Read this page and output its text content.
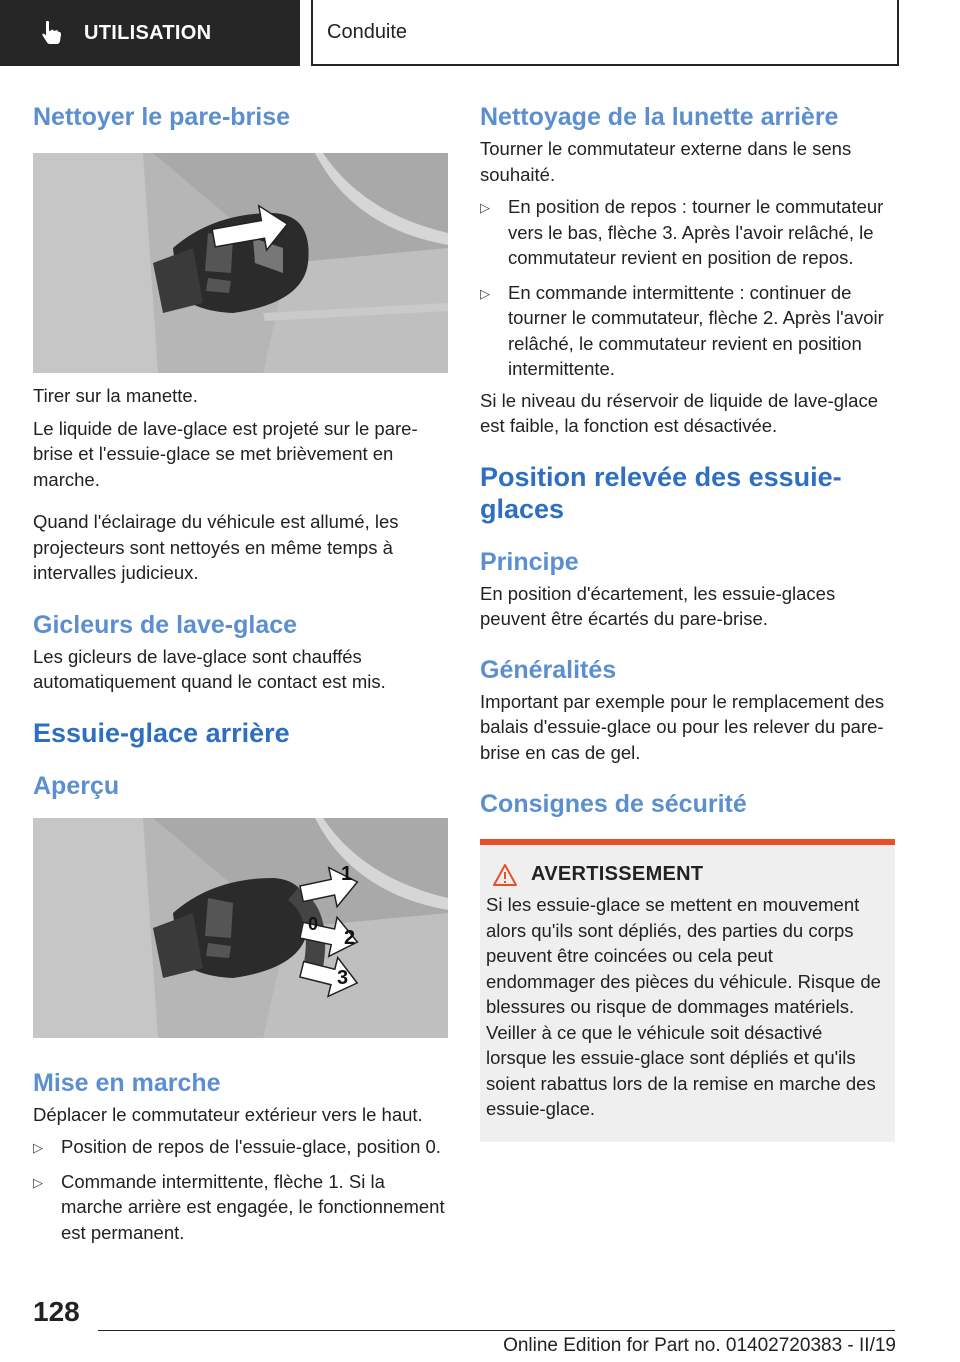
UTILISATION	Conduite
Nettoyer le pare-brise

Tirer sur la manette.

Le liquide de lave-glace est projeté sur le pare-brise et l'essuie-glace se met brièvement en marche.

Quand l'éclairage du véhicule est allumé, les projecteurs sont nettoyés en même temps à intervalles judicieux.

Gicleurs de lave-glace

Les gicleurs de lave-glace sont chauffés automatiquement quand le contact est mis.

Essuie-glace arrière
Aperçu
1
0
2
3
Mise en marche

Déplacer le commutateur extérieur vers le haut.

▷ Position de repos de l'essuie-glace, position 0.
▷ Commande intermittente, flèche 1. Si la marche arrière est engagée, le fonctionnement est permanent.
Nettoyage de la lunette arrière

Tourner le commutateur externe dans le sens souhaité.

▷ En position de repos : tourner le commutateur vers le bas, flèche 3. Après l'avoir relâché, le commutateur revient en position de repos.
▷ En commande intermittente : continuer de tourner le commutateur, flèche 2. Après l'avoir relâché, le commutateur revient en position intermittente.

Si le niveau du réservoir de liquide de lave-glace est faible, la fonction est désactivée.

Position relevée des essuie-glaces
Principe

En position d'écartement, les essuie-glaces peuvent être écartés du pare-brise.

Généralités

Important par exemple pour le remplacement des balais d'essuie-glace ou pour les relever du pare-brise en cas de gel.

Consignes de sécurité
AVERTISSEMENT

Si les essuie-glace se mettent en mouvement alors qu'ils sont dépliés, des parties du corps peuvent être coincées ou cela peut endommager des pièces du véhicule. Risque de blessures ou risque de dommages matériels. Veiller à ce que le véhicule soit désactivé lorsque les essuie-glace sont dépliés et qu'ils soient rabattus lors de la remise en marche des essuie-glace.

128
Online Edition for Part no. 01402720383 - II/19
